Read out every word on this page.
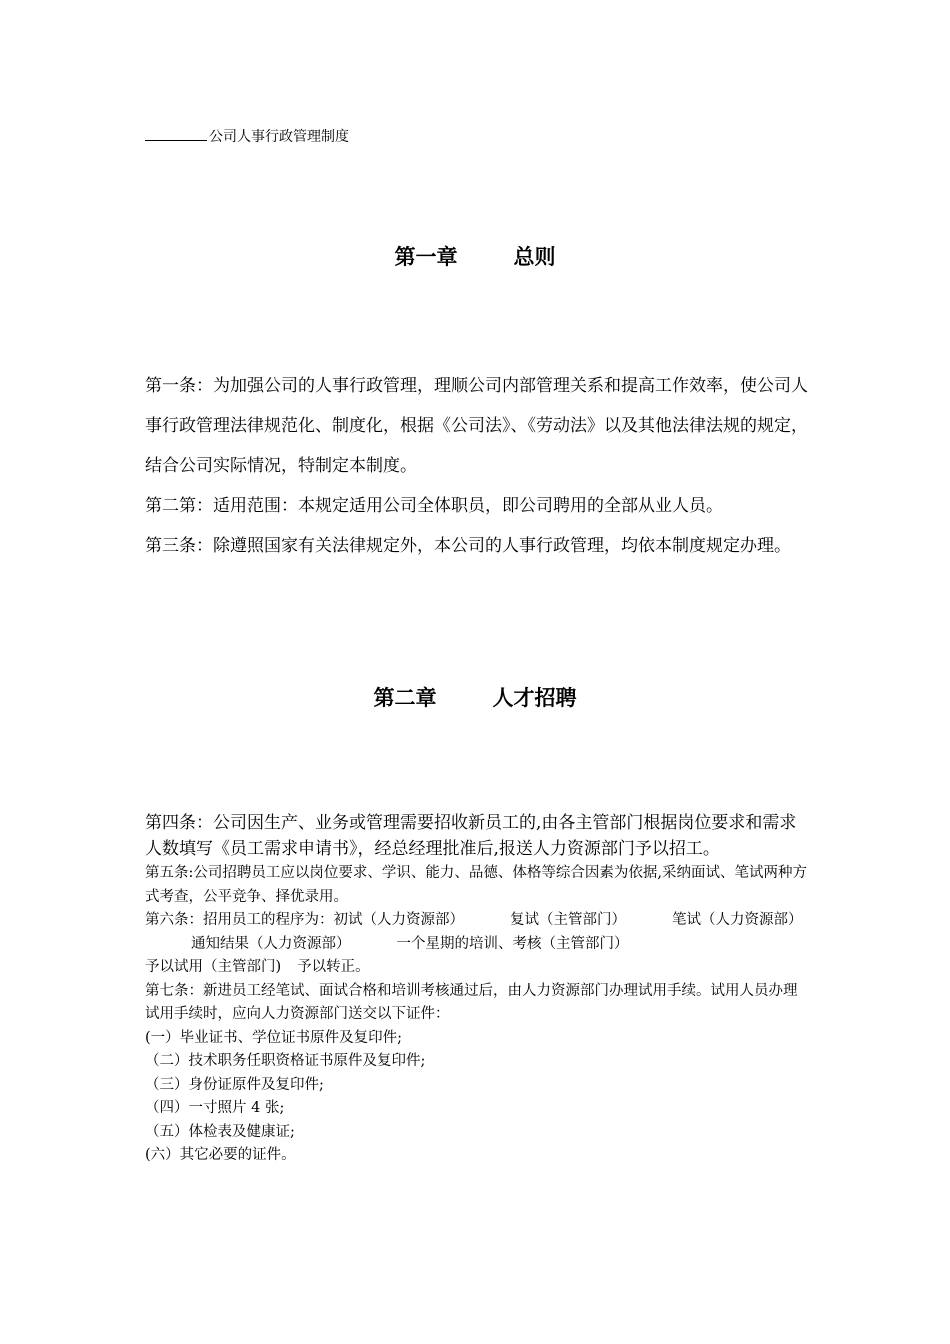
公司人事行政管理制度
第一章	总则

第一条：为加强公司的人事行政管理，理顺公司内部管理关系和提高工作效率，使公司人事行政管理法律规范化、制度化，根据《公司法》、《劳动法》以及其他法律法规的规定，结合公司实际情况，特制定本制度。

第二第：适用范围：本规定适用公司全体职员，即公司聘用的全部从业人员。

第三条：除遵照国家有关法律规定外，本公司的人事行政管理，均依本制度规定办理。

第二章	人才招聘

第四条：公司因生产、业务或管理需要招收新员工的,由各主管部门根据岗位要求和需求人数填写《员工需求申请书》，经总经理批准后,报送人力资源部门予以招工。

第五条:公司招聘员工应以岗位要求、学识、能力、品德、体格等综合因素为依据,采纳面试、笔试两种方式考查，公平竞争、择优录用。

第六条：招用员工的程序为：初试（人力资源部）	复试（主管部门）	笔试（人力资源部）通知结果（人力资源部）	一个星期的培训、考核（主管部门）
予以试用（主管部门) 予以转正。

第七条：新进员工经笔试、面试合格和培训考核通过后，由人力资源部门办理试用手续。试用人员办理试用手续时，应向人力资源部门送交以下证件：

(一）毕业证书、学位证书原件及复印件;

（二）技术职务任职资格证书原件及复印件;

（三）身份证原件及复印件;

（四）一寸照片 4 张;

（五）体检表及健康证;

(六）其它必要的证件。
